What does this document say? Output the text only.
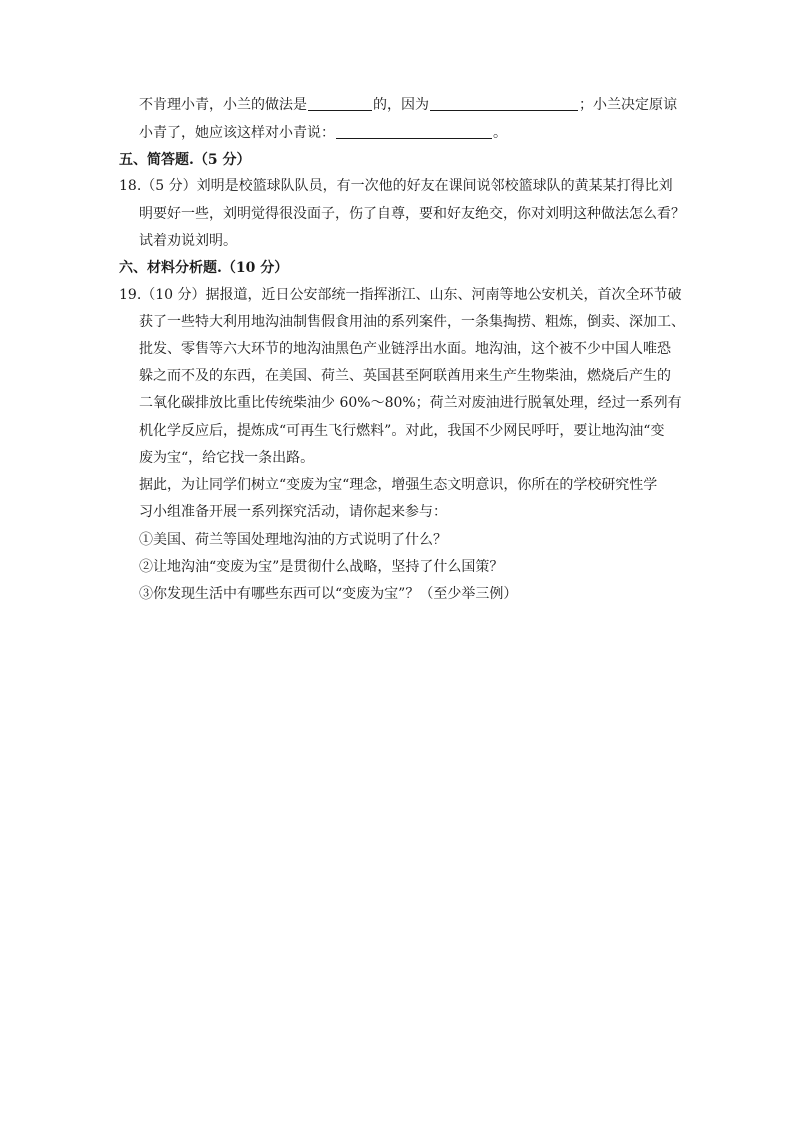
不肯理小青，小兰的做法是	的，因为	；小兰决定原谅
小青了，她应该这样对小青说：	。
五、简答题.（5 分）
18.（5 分）刘明是校篮球队队员，有一次他的好友在课间说邻校篮球队的黄某某打得比刘
明要好一些，刘明觉得很没面子，伤了自尊，要和好友绝交，你对刘明这种做法怎么看？
试着劝说刘明。
六、材料分析题.（10 分）
19.（10 分）据报道，近日公安部统一指挥浙江、山东、河南等地公安机关，首次全环节破
获了一些特大利用地沟油制售假食用油的系列案件，一条集掏捞、粗炼，倒卖、深加工、
批发、零售等六大环节的地沟油黑色产业链浮出水面。地沟油，这个被不少中国人唯恐
躲之而不及的东西，在美国、荷兰、英国甚至阿联酋用来生产生物柴油，燃烧后产生的
二氧化碳排放比重比传统柴油少 60%～80%；荷兰对废油进行脱氧处理，经过一系列有
机化学反应后，提炼成“可再生飞行燃料”。对此，我国不少网民呼吁，要让地沟油“变
废为宝“，给它找一条出路。
据此，为让同学们树立“变废为宝“理念，增强生态文明意识，你所在的学校研究性学
习小组准备开展一系列探究活动，请你起来参与：
①美国、荷兰等国处理地沟油的方式说明了什么？
②让地沟油“变废为宝”是贯彻什么战略，坚持了什么国策？
③你发现生活中有哪些东西可以“变废为宝”？（至少举三例）
